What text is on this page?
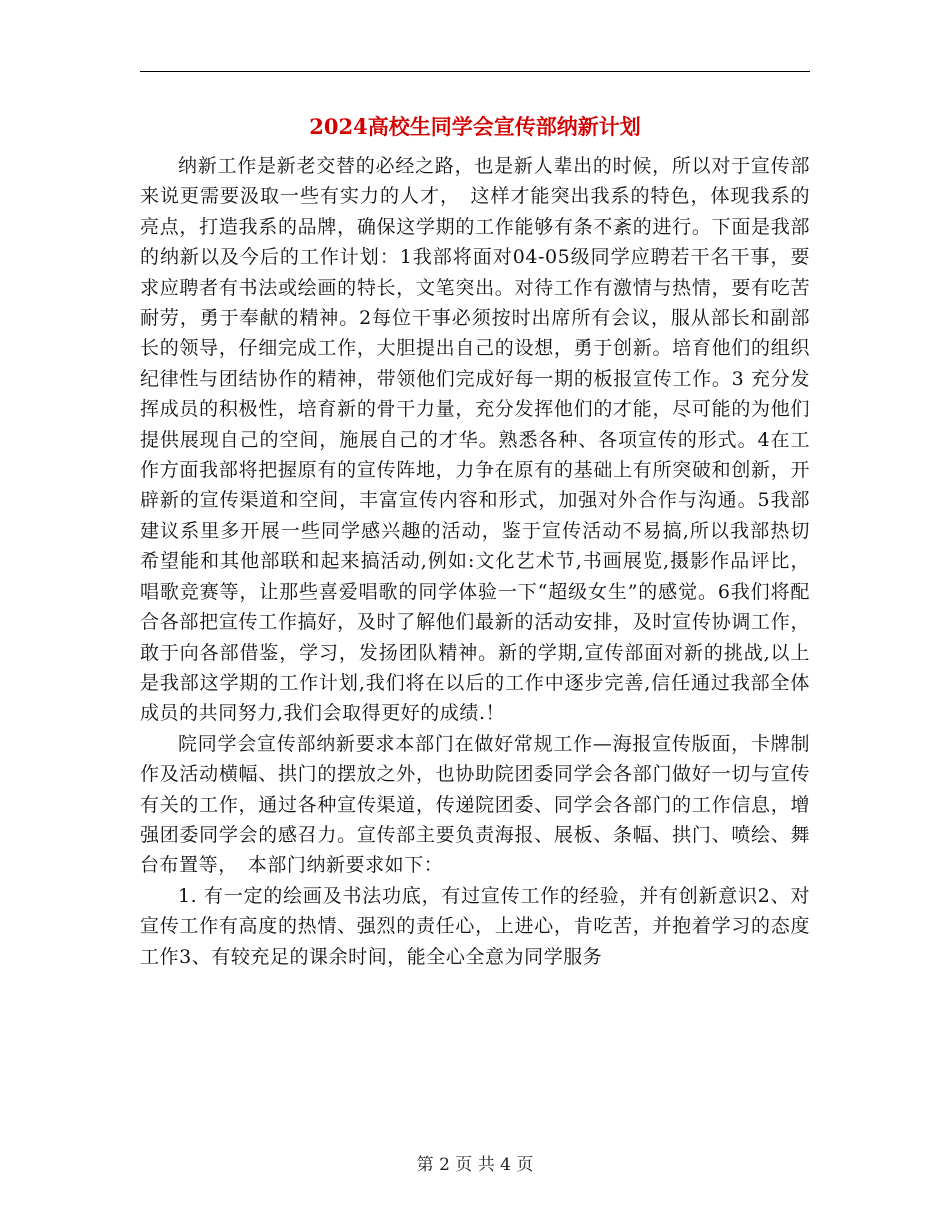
2024高校生同学会宣传部纳新计划

纳新工作是新老交替的必经之路，也是新人辈出的时候，所以对于宣传部来说更需要汲取一些有实力的人才，　这样才能突出我系的特色，体现我系的亮点，打造我系的品牌，确保这学期的工作能够有条不紊的进行。下面是我部的纳新以及今后的工作计划：1我部将面对04-05级同学应聘若干名干事，要求应聘者有书法或绘画的特长，文笔突出。对待工作有激情与热情，要有吃苦耐劳，勇于奉献的精神。2每位干事必须按时出席所有会议，服从部长和副部长的领导，仔细完成工作，大胆提出自己的设想，勇于创新。培育他们的组织纪律性与团结协作的精神，带领他们完成好每一期的板报宣传工作。3 充分发挥成员的积极性，培育新的骨干力量，充分发挥他们的才能，尽可能的为他们提供展现自己的空间，施展自己的才华。熟悉各种、各项宣传的形式。4在工作方面我部将把握原有的宣传阵地，力争在原有的基础上有所突破和创新，开辟新的宣传渠道和空间，丰富宣传内容和形式，加强对外合作与沟通。5我部建议系里多开展一些同学感兴趣的活动，鉴于宣传活动不易搞,所以我部热切希望能和其他部联和起来搞活动,例如:文化艺术节,书画展览,摄影作品评比，唱歌竞赛等，让那些喜爱唱歌的同学体验一下“超级女生”的感觉。6我们将配合各部把宣传工作搞好，及时了解他们最新的活动安排，及时宣传协调工作，敢于向各部借鉴，学习，发扬团队精神。新的学期,宣传部面对新的挑战,以上是我部这学期的工作计划,我们将在以后的工作中逐步完善,信任通过我部全体成员的共同努力,我们会取得更好的成绩.！

院同学会宣传部纳新要求本部门在做好常规工作—海报宣传版面，卡牌制作及活动横幅、拱门的摆放之外，也协助院团委同学会各部门做好一切与宣传有关的工作，通过各种宣传渠道，传递院团委、同学会各部门的工作信息，增强团委同学会的感召力。宣传部主要负责海报、展板、条幅、拱门、喷绘、舞台布置等，　本部门纳新要求如下：

1. 有一定的绘画及书法功底，有过宣传工作的经验，并有创新意识2、对宣传工作有高度的热情、强烈的责任心，上进心，肯吃苦，并抱着学习的态度工作3、有较充足的课余时间，能全心全意为同学服务

第 2 页 共 4 页
